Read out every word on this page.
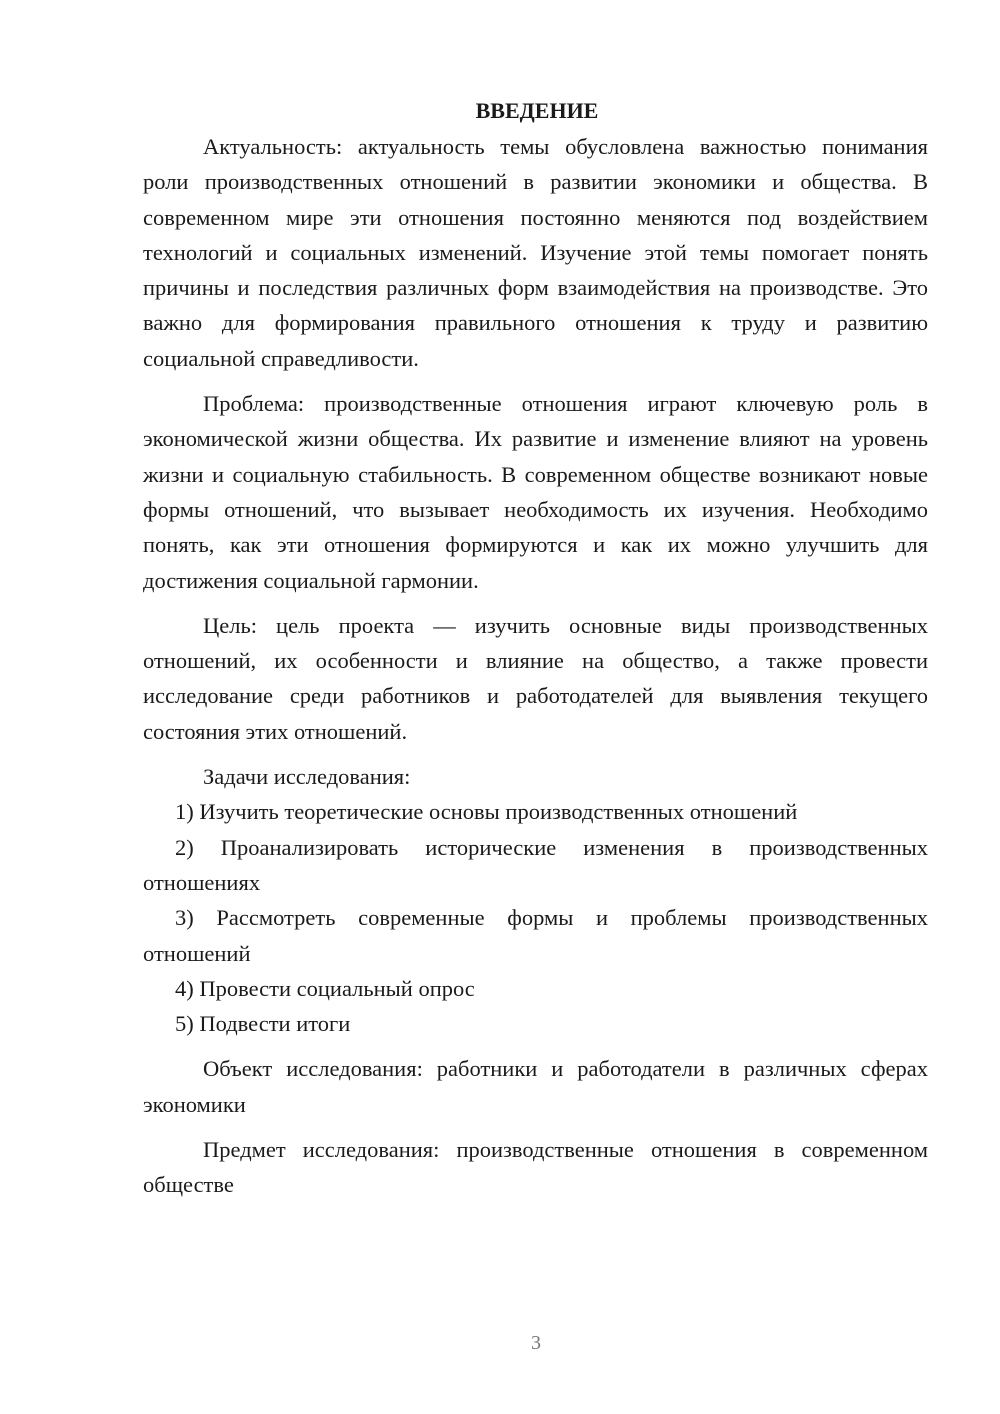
ВВЕДЕНИЕ

Актуальность: актуальность темы обусловлена важностью понимания роли производственных отношений в развитии экономики и общества. В современном мире эти отношения постоянно меняются под воздействием технологий и социальных изменений. Изучение этой темы помогает понять причины и последствия различных форм взаимодействия на производстве. Это важно для формирования правильного отношения к труду и развитию социальной справедливости.

Проблема: производственные отношения играют ключевую роль в экономической жизни общества. Их развитие и изменение влияют на уровень жизни и социальную стабильность. В современном обществе возникают новые формы отношений, что вызывает необходимость их изучения. Необходимо понять, как эти отношения формируются и как их можно улучшить для достижения социальной гармонии.

Цель: цель проекта — изучить основные виды производственных отношений, их особенности и влияние на общество, а также провести исследование среди работников и работодателей для выявления текущего состояния этих отношений.

Задачи исследования:

1) Изучить теоретические основы производственных отношений

2) Проанализировать исторические изменения в производственных отношениях

3) Рассмотреть современные формы и проблемы производственных отношений

4) Провести социальный опрос

5) Подвести итоги

Объект исследования: работники и работодатели в различных сферах экономики

Предмет исследования: производственные отношения в современном обществе

3
